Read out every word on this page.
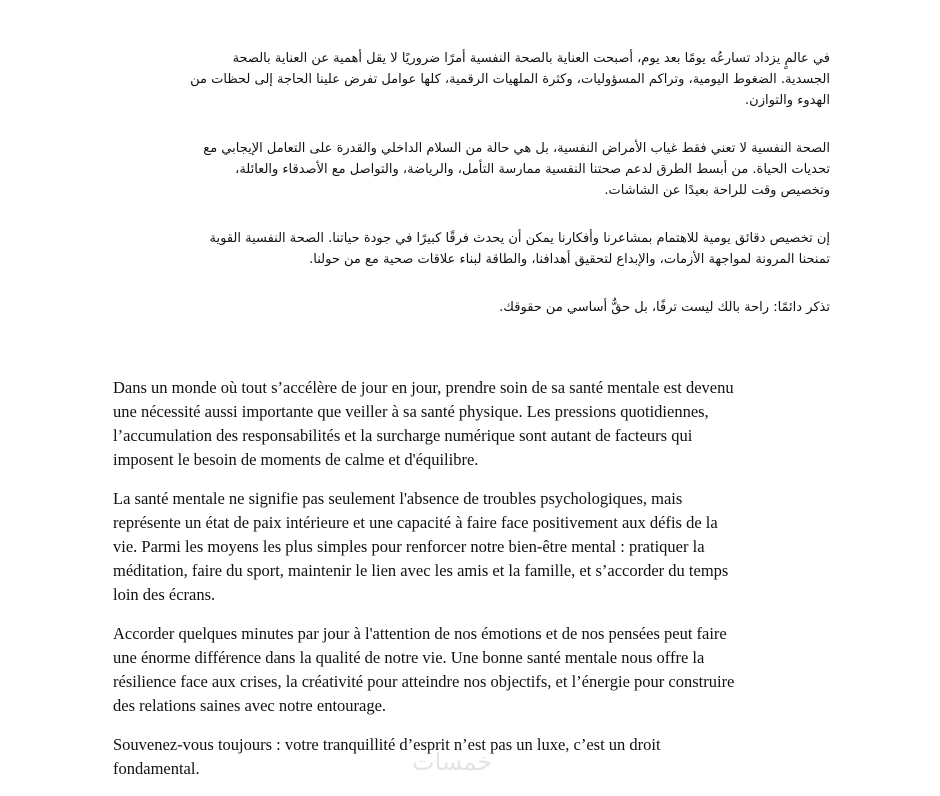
في عالمٍ يزداد تسارعُه يومًا بعد يوم، أصبحت العناية بالصحة النفسية أمرًا ضروريًا لا يقل أهمية عن العناية بالصحة
الجسدية. الضغوط اليومية، وتراكم المسؤوليات، وكثرة الملهيات الرقمية، كلها عوامل تفرض علينا الحاجة إلى لحظات من
الهدوء والتوازن.

الصحة النفسية لا تعني فقط غياب الأمراض النفسية، بل هي حالة من السلام الداخلي والقدرة على التعامل الإيجابي مع
تحديات الحياة. من أبسط الطرق لدعم صحتنا النفسية ممارسة التأمل، والرياضة، والتواصل مع الأصدقاء والعائلة،
وتخصيص وقت للراحة بعيدًا عن الشاشات.

إن تخصيص دقائق يومية للاهتمام بمشاعرنا وأفكارنا يمكن أن يحدث فرقًا كبيرًا في جودة حياتنا. الصحة النفسية القوية
تمنحنا المرونة لمواجهة الأزمات، والإبداع لتحقيق أهدافنا، والطاقة لبناء علاقات صحية مع من حولنا.

تذكر دائمًا: راحة بالك ليست ترفًا، بل حقٌّ أساسي من حقوقك.

Dans un monde où tout s’accélère de jour en jour, prendre soin de sa santé mentale est devenu
une nécessité aussi importante que veiller à sa santé physique. Les pressions quotidiennes,
l’accumulation des responsabilités et la surcharge numérique sont autant de facteurs qui
imposent le besoin de moments de calme et d'équilibre.

La santé mentale ne signifie pas seulement l'absence de troubles psychologiques, mais
représente un état de paix intérieure et une capacité à faire face positivement aux défis de la
vie. Parmi les moyens les plus simples pour renforcer notre bien-être mental : pratiquer la
méditation, faire du sport, maintenir le lien avec les amis et la famille, et s’accorder du temps
loin des écrans.

Accorder quelques minutes par jour à l'attention de nos émotions et de nos pensées peut faire
une énorme différence dans la qualité de notre vie. Une bonne santé mentale nous offre la
résilience face aux crises, la créativité pour atteindre nos objectifs, et l’énergie pour construire
des relations saines avec notre entourage.

Souvenez-vous toujours : votre tranquillité d’esprit n’est pas un luxe, c’est un droit
fondamental.	خمسات
